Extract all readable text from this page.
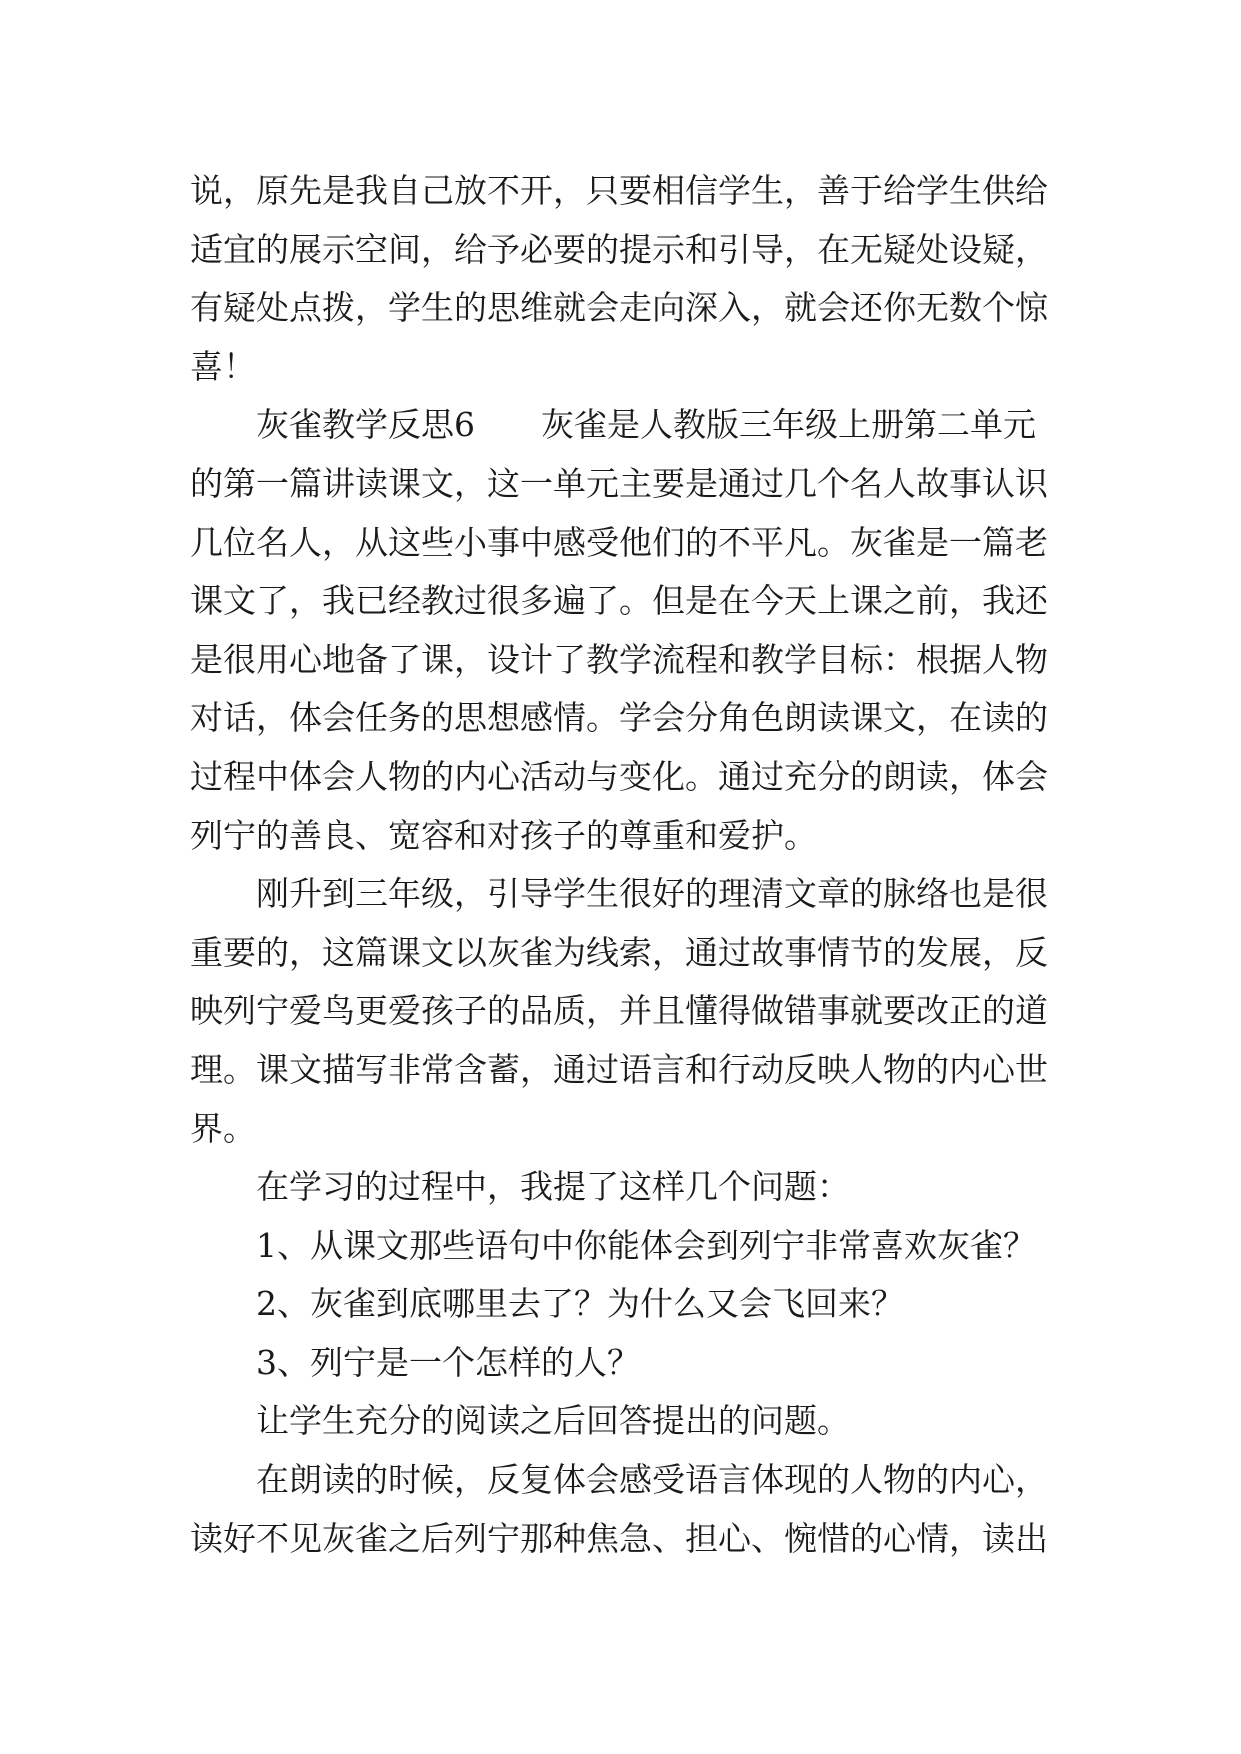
说，原先是我自己放不开，只要相信学生，善于给学生供给
适宜的展示空间，给予必要的提示和引导，在无疑处设疑，
有疑处点拨，学生的思维就会走向深入，就会还你无数个惊
喜！
　　灰雀教学反思6　　灰雀是人教版三年级上册第二单元
的第一篇讲读课文，这一单元主要是通过几个名人故事认识
几位名人，从这些小事中感受他们的不平凡。灰雀是一篇老
课文了，我已经教过很多遍了。但是在今天上课之前，我还
是很用心地备了课，设计了教学流程和教学目标：根据人物
对话，体会任务的思想感情。学会分角色朗读课文，在读的
过程中体会人物的内心活动与变化。通过充分的朗读，体会
列宁的善良、宽容和对孩子的尊重和爱护。
　　刚升到三年级，引导学生很好的理清文章的脉络也是很
重要的，这篇课文以灰雀为线索，通过故事情节的发展，反
映列宁爱鸟更爱孩子的品质，并且懂得做错事就要改正的道
理。课文描写非常含蓄，通过语言和行动反映人物的内心世
界。
　　在学习的过程中，我提了这样几个问题：
　　1、从课文那些语句中你能体会到列宁非常喜欢灰雀？
　　2、灰雀到底哪里去了？为什么又会飞回来？
　　3、列宁是一个怎样的人？
　　让学生充分的阅读之后回答提出的问题。
　　在朗读的时候，反复体会感受语言体现的人物的内心，
读好不见灰雀之后列宁那种焦急、担心、惋惜的心情，读出
